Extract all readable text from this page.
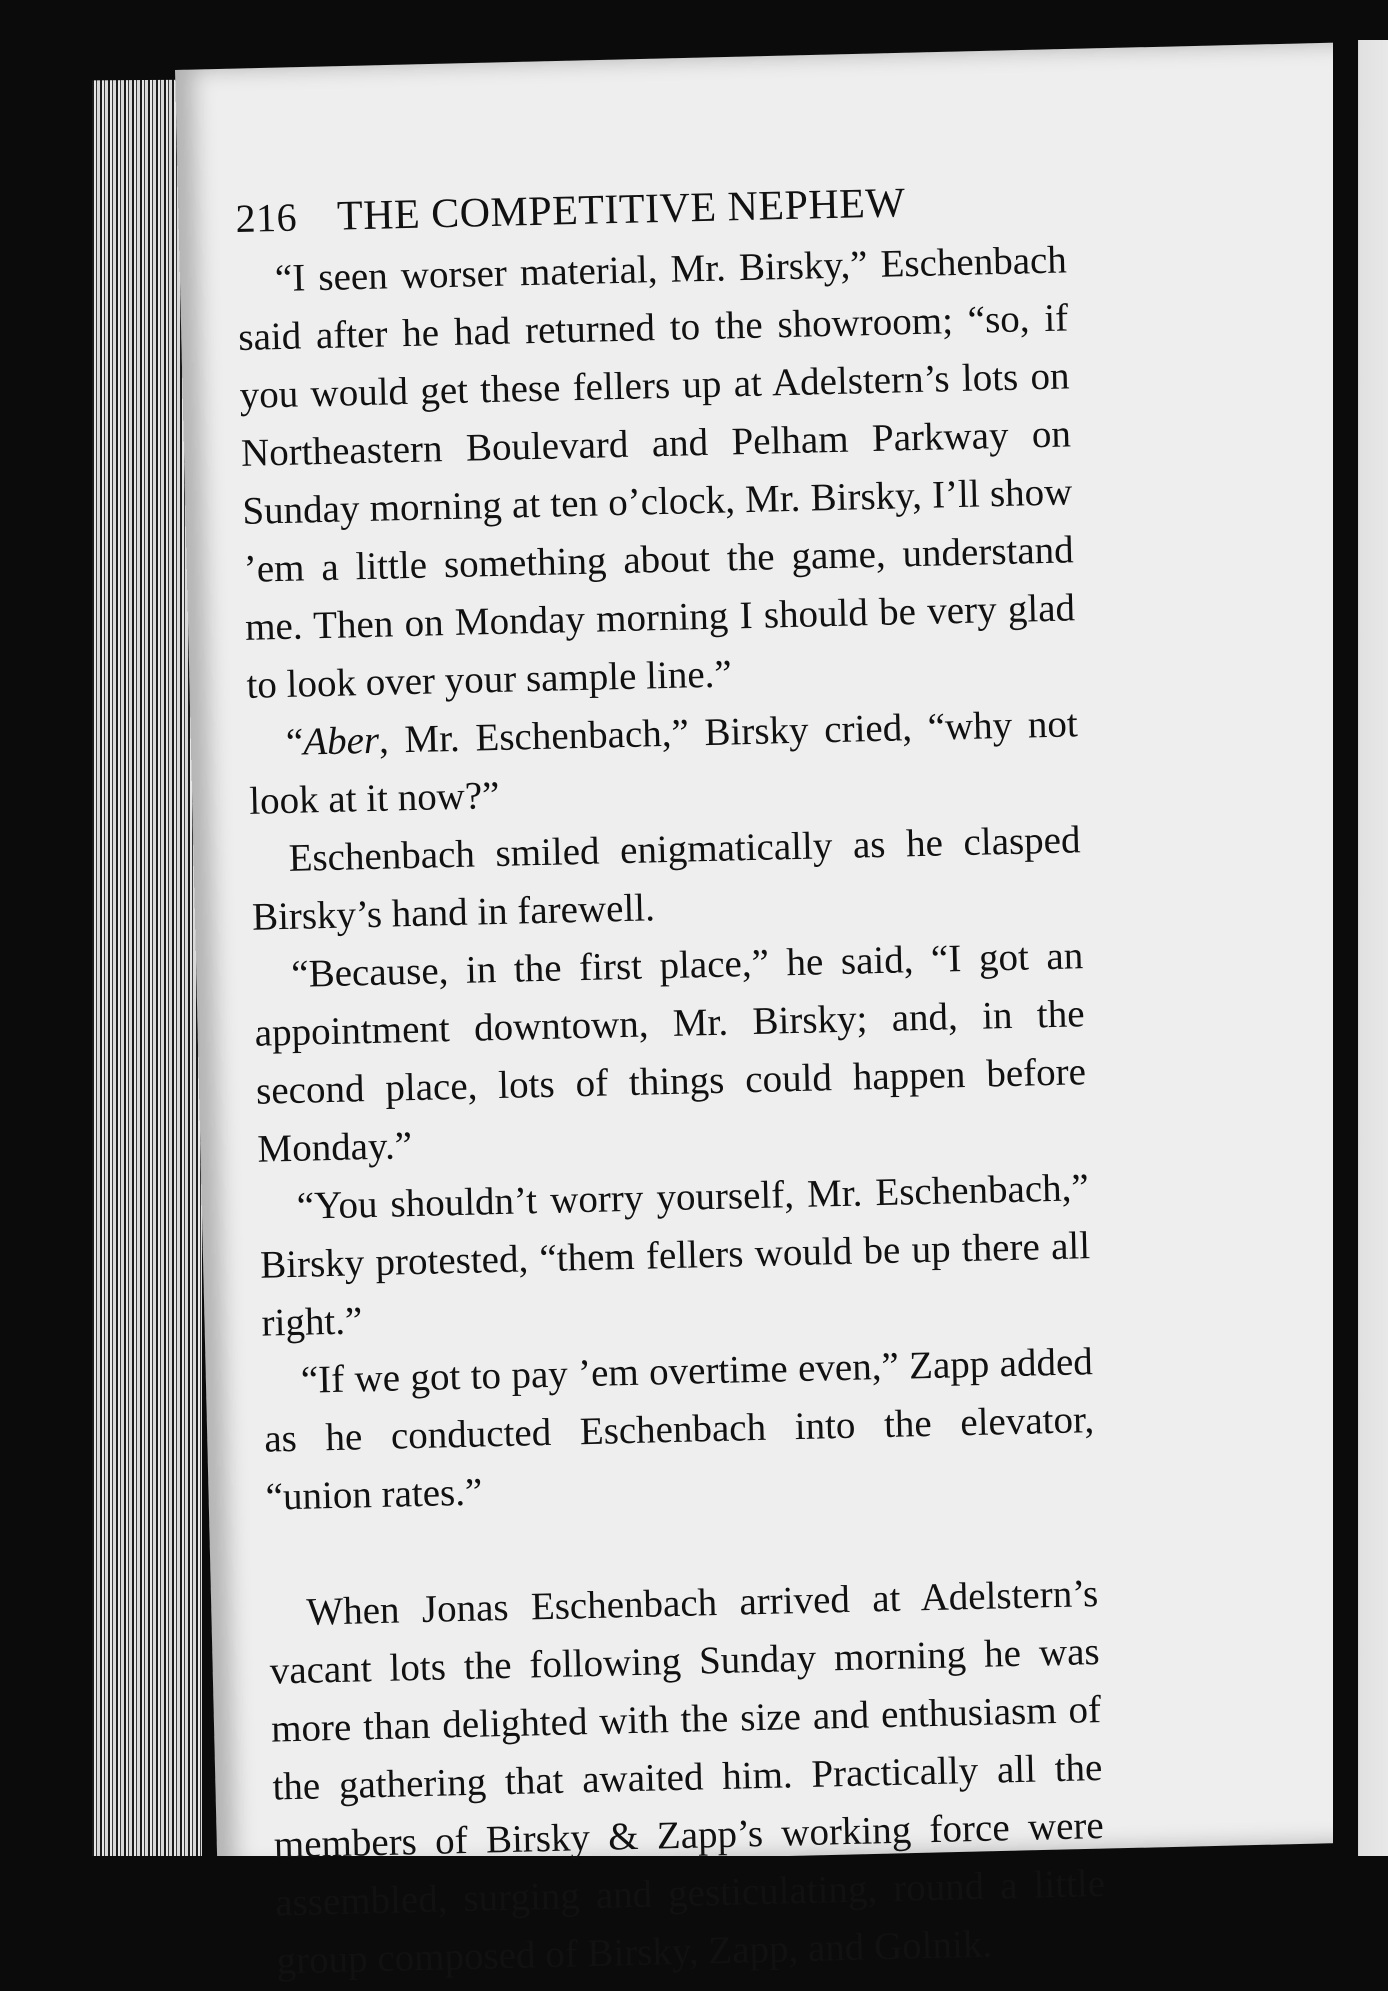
216 THE COMPETITIVE NEPHEW

“I seen worser material, Mr. Birsky,” Eschenbach said after he had returned to the showroom; “so, if you would get these fellers up at Adelstern’s lots on Northeastern Boulevard and Pelham Parkway on Sunday morning at ten o’clock, Mr. Birsky, I’ll show ’em a little something about the game, understand me. Then on Monday morning I should be very glad to look over your sample line.”

“Aber, Mr. Eschenbach,” Birsky cried, “why not look at it now?”

Eschenbach smiled enigmatically as he clasped Birsky’s hand in farewell.

“Because, in the first place,” he said, “I got an appointment downtown, Mr. Birsky; and, in the second place, lots of things could happen before Monday.”

“You shouldn’t worry yourself, Mr. Eschenbach,” Birsky protested, “them fellers would be up there all right.”

“If we got to pay ’em overtime even,” Zapp added as he conducted Eschenbach into the elevator, “union rates.”

When Jonas Eschenbach arrived at Adelstern’s vacant lots the following Sunday morning he was more than delighted with the size and enthusiasm of the gathering that awaited him. Practically all the members of Birsky & Zapp’s working force were assembled, surging and gesticulating, round a little group composed of Birsky, Zapp, and Golnik.
